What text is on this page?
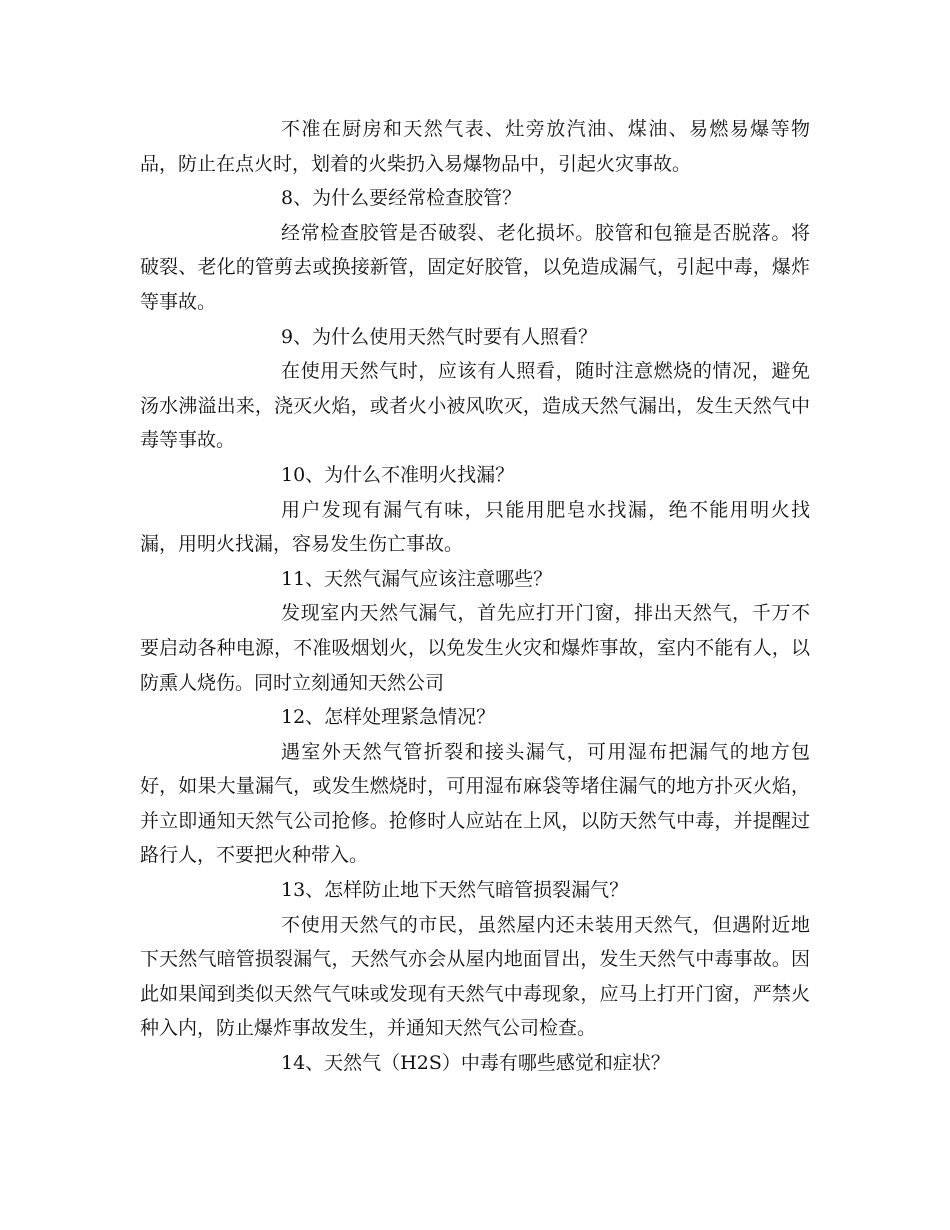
不准在厨房和天然气表、灶旁放汽油、煤油、易燃易爆等物品，防止在点火时，划着的火柴扔入易爆物品中，引起火灾事故。

8、为什么要经常检查胶管？

经常检查胶管是否破裂、老化损坏。胶管和包箍是否脱落。将破裂、老化的管剪去或换接新管，固定好胶管，以免造成漏气，引起中毒，爆炸等事故。

9、为什么使用天然气时要有人照看？

在使用天然气时，应该有人照看，随时注意燃烧的情况，避免汤水沸溢出来，浇灭火焰，或者火小被风吹灭，造成天然气漏出，发生天然气中毒等事故。

10、为什么不准明火找漏？

用户发现有漏气有味，只能用肥皂水找漏，绝不能用明火找漏，用明火找漏，容易发生伤亡事故。

11、天然气漏气应该注意哪些？

发现室内天然气漏气，首先应打开门窗，排出天然气，千万不要启动各种电源，不准吸烟划火，以免发生火灾和爆炸事故，室内不能有人，以防熏人烧伤。同时立刻通知天然公司

12、怎样处理紧急情况？

遇室外天然气管折裂和接头漏气，可用湿布把漏气的地方包好，如果大量漏气，或发生燃烧时，可用湿布麻袋等堵住漏气的地方扑灭火焰，并立即通知天然气公司抢修。抢修时人应站在上风，以防天然气中毒，并提醒过路行人，不要把火种带入。

13、怎样防止地下天然气暗管损裂漏气？

不使用天然气的市民，虽然屋内还未装用天然气，但遇附近地下天然气暗管损裂漏气，天然气亦会从屋内地面冒出，发生天然气中毒事故。因此如果闻到类似天然气气味或发现有天然气中毒现象，应马上打开门窗，严禁火种入内，防止爆炸事故发生，并通知天然气公司检查。

14、天然气（H2S）中毒有哪些感觉和症状？
